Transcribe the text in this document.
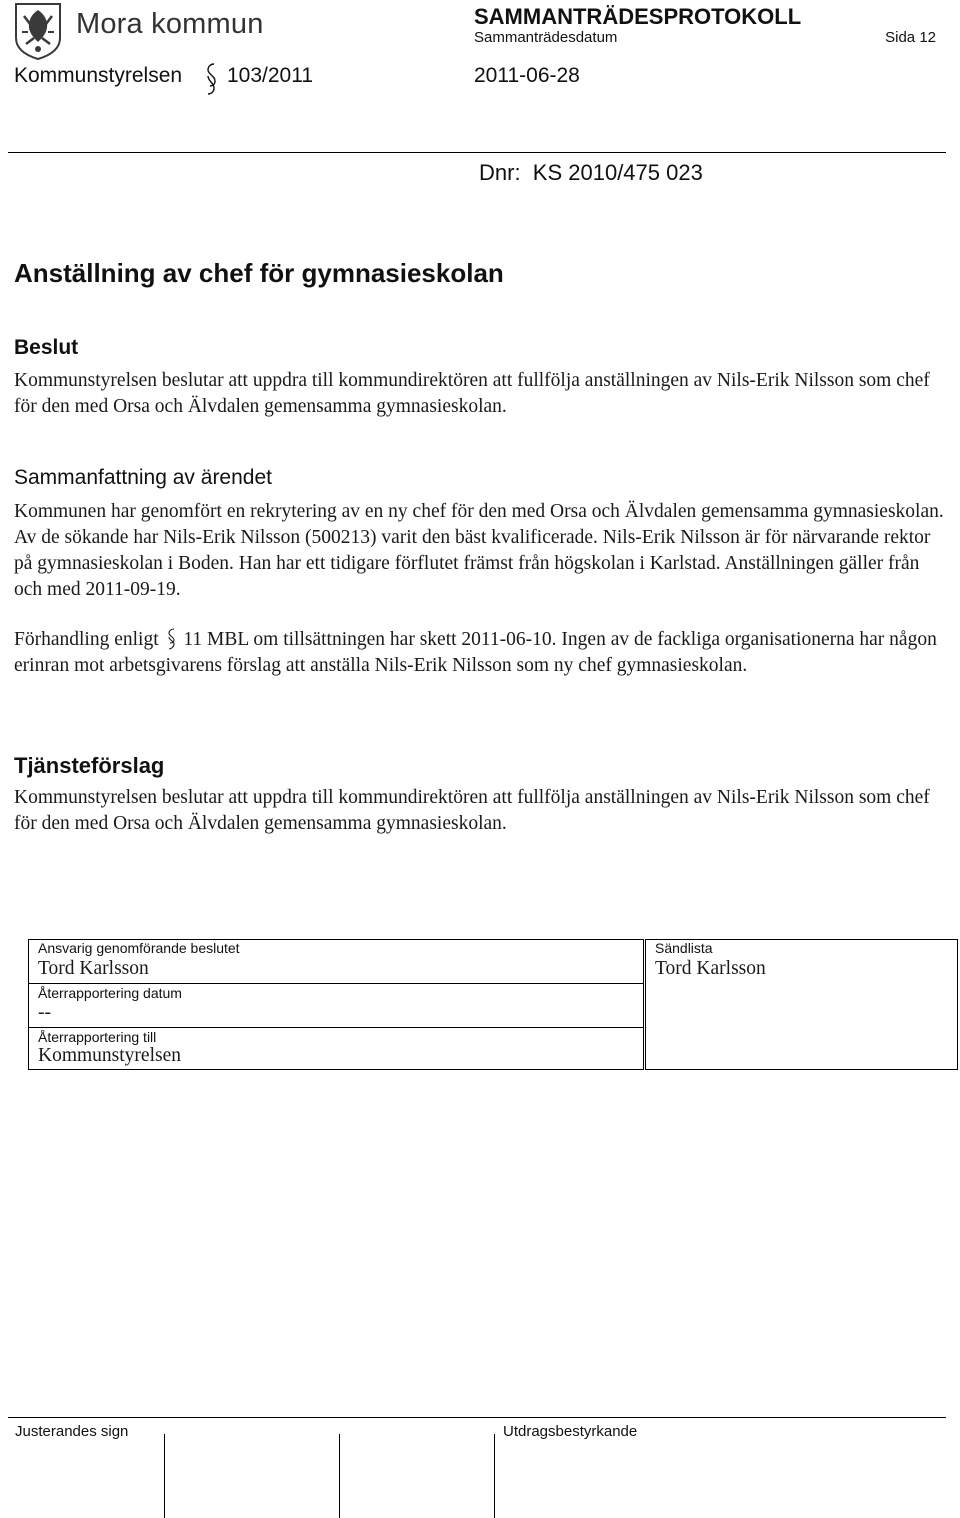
Mora kommun	SAMMANTRÄDESPROTOKOLL
Sammanträdesdatum	Sida 12
Kommunstyrelsen 103/2011	2011-06-28
Dnr:  KS 2010/475 023
Anställning av chef för gymnasieskolan
Beslut
Kommunstyrelsen beslutar att uppdra till kommundirektören att fullfölja anställningen av Nils-Erik Nilsson som chef för den med Orsa och Älvdalen gemensamma gymnasieskolan.
Sammanfattning av ärendet
Kommunen har genomfört en rekrytering av en ny chef för den med Orsa och Älvdalen gemensamma gymnasieskolan. Av de sökande har Nils-Erik Nilsson (500213) varit den bäst kvalificerade. Nils-Erik Nilsson är för närvarande rektor på gymnasieskolan i Boden. Han har ett tidigare förflutet främst från högskolan i Karlstad. Anställningen gäller från och med 2011-09-19.
Förhandling enligt 11 MBL om tillsättningen har skett 2011-06-10. Ingen av de fackliga organisationerna har någon erinran mot arbetsgivarens förslag att anställa Nils-Erik Nilsson som ny chef gymnasieskolan.
Tjänsteförslag
Kommunstyrelsen beslutar att uppdra till kommundirektören att fullfölja anställningen av Nils-Erik Nilsson som chef för den med Orsa och Älvdalen gemensamma gymnasieskolan.
Ansvarig genomförande beslutet
Tord Karlsson
Återrapportering datum
--
Återrapportering till
Kommunstyrelsen
Sändlista
Tord Karlsson
Justerandes sign	Utdragsbestyrkande
